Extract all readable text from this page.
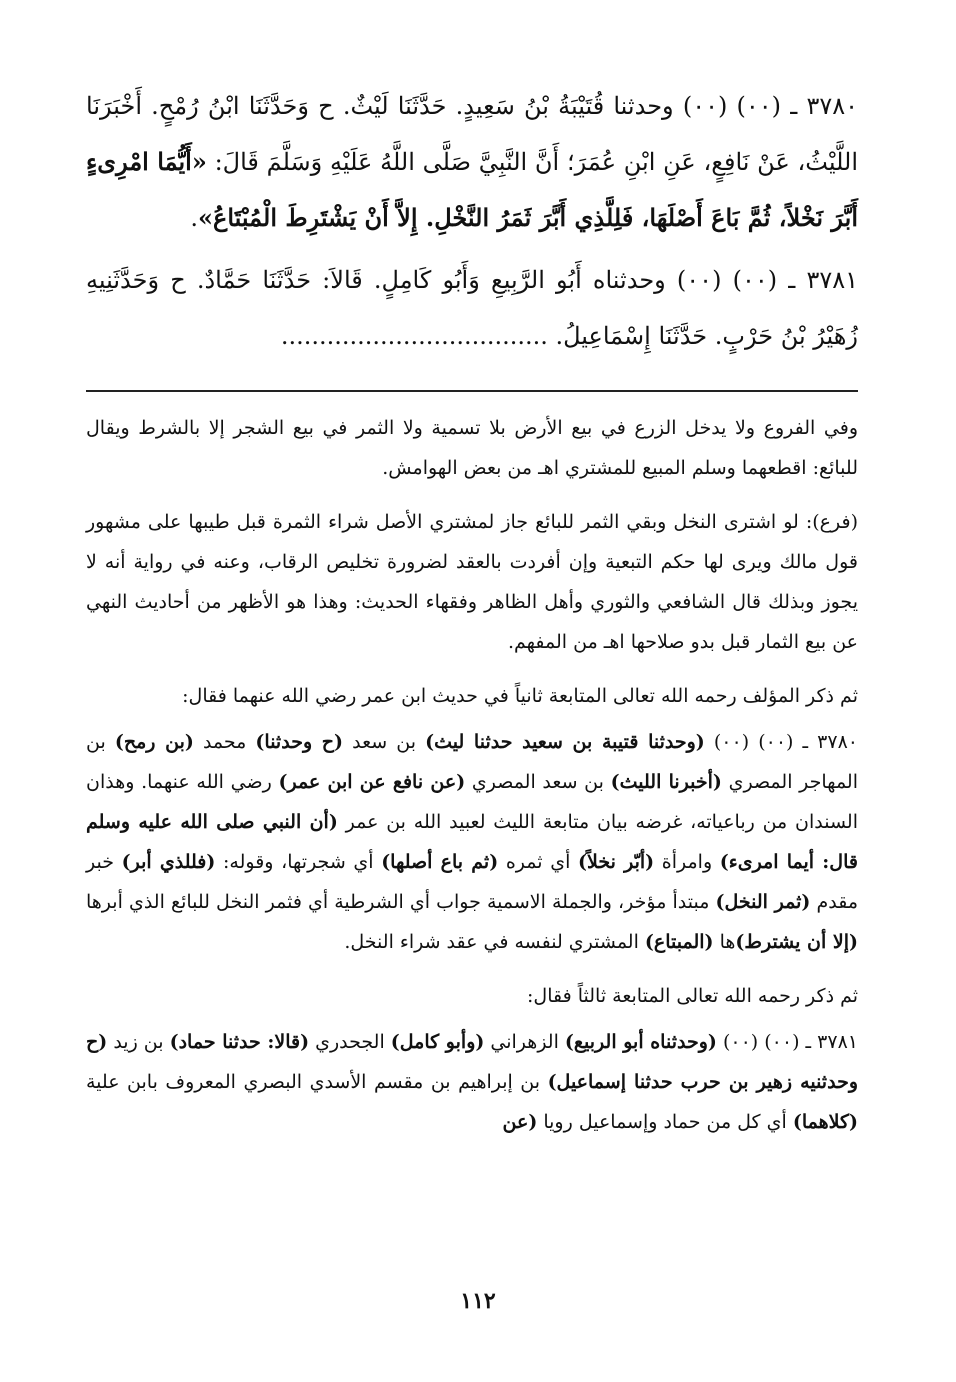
٣٧٨٠ ـ (٠٠) (٠٠) وحدثنا قُتَيْبَةُ بْنُ سَعِيدٍ. حَدَّثَنَا لَيْثٌ. ح وَحَدَّثَنَا ابْنُ رُمْحٍ. أَخْبَرَنَا اللَّيْثُ، عَنْ نَافِعٍ، عَنِ ابْنِ عُمَرَ؛ أَنَّ النَّبِيَّ صَلَّى اللَّهُ عَلَيْهِ وَسَلَّمَ قَالَ: «أَيُّمَا امْرِىءٍ أَبَّرَ نَخْلاً، ثُمَّ بَاعَ أَصْلَهَا، فَلِلَّذِي أَبَّرَ ثَمَرُ النَّخْلِ. إِلاَّ أَنْ يَشْتَرِطَ الْمُبْتَاعُ».

٣٧٨١ ـ (٠٠) (٠٠) وحدثناه أَبُو الرَّبِيعِ وَأَبُو كَامِلٍ. قَالاَ: حَدَّثَنَا حَمَّادٌ. ح وَحَدَّثَنِيهِ زُهَيْرُ بْنُ حَرْبٍ. حَدَّثَنَا إِسْمَاعِيلُ. ...................................

وفي الفروع ولا يدخل الزرع في بيع الأرض بلا تسمية ولا الثمر في بيع الشجر إلا بالشرط ويقال للبائع: اقطعهما وسلم المبيع للمشتري اهـ من بعض الهوامش.

(فرع): لو اشترى النخل وبقي الثمر للبائع جاز لمشتري الأصل شراء الثمرة قبل طيبها على مشهور قول مالك ويرى لها حكم التبعية وإن أفردت بالعقد لضرورة تخليص الرقاب، وعنه في رواية أنه لا يجوز وبذلك قال الشافعي والثوري وأهل الظاهر وفقهاء الحديث: وهذا هو الأظهر من أحاديث النهي عن بيع الثمار قبل بدو صلاحها اهـ من المفهم.

ثم ذكر المؤلف رحمه الله تعالى المتابعة ثانياً في حديث ابن عمر رضي الله عنهما فقال:

٣٧٨٠ ـ (٠٠) (٠٠) (وحدثنا قتيبة بن سعيد حدثنا ليث) بن سعد (ح وحدثنا) محمد (بن رمح) بن المهاجر المصري (أخبرنا الليث) بن سعد المصري (عن نافع عن ابن عمر) رضي الله عنهما. وهذان السندان من رباعياته، غرضه بيان متابعة الليث لعبيد الله بن عمر (أن النبي صلى الله عليه وسلم قال: أيما امرىء) وامرأة (أبّر نخلاً) أي ثمره (ثم باع أصلها) أي شجرتها، وقوله: (فللذي أبر) خبر مقدم (ثمر النخل) مبتدأ مؤخر، والجملة الاسمية جواب أي الشرطية أي فثمر النخل للبائع الذي أبرها (إلا أن يشترط)ها (المبتاع) المشتري لنفسه في عقد شراء النخل.

ثم ذكر رحمه الله تعالى المتابعة ثالثاً فقال:

٣٧٨١ ـ (٠٠) (٠٠) (وحدثناه أبو الربيع) الزهراني (وأبو كامل) الجحدري (قالا: حدثنا حماد) بن زيد (ح وحدثنيه زهير بن حرب حدثنا إسماعيل) بن إبراهيم بن مقسم الأسدي البصري المعروف بابن علية (كلاهما) أي كل من حماد وإسماعيل رويا (عن

١١٢
